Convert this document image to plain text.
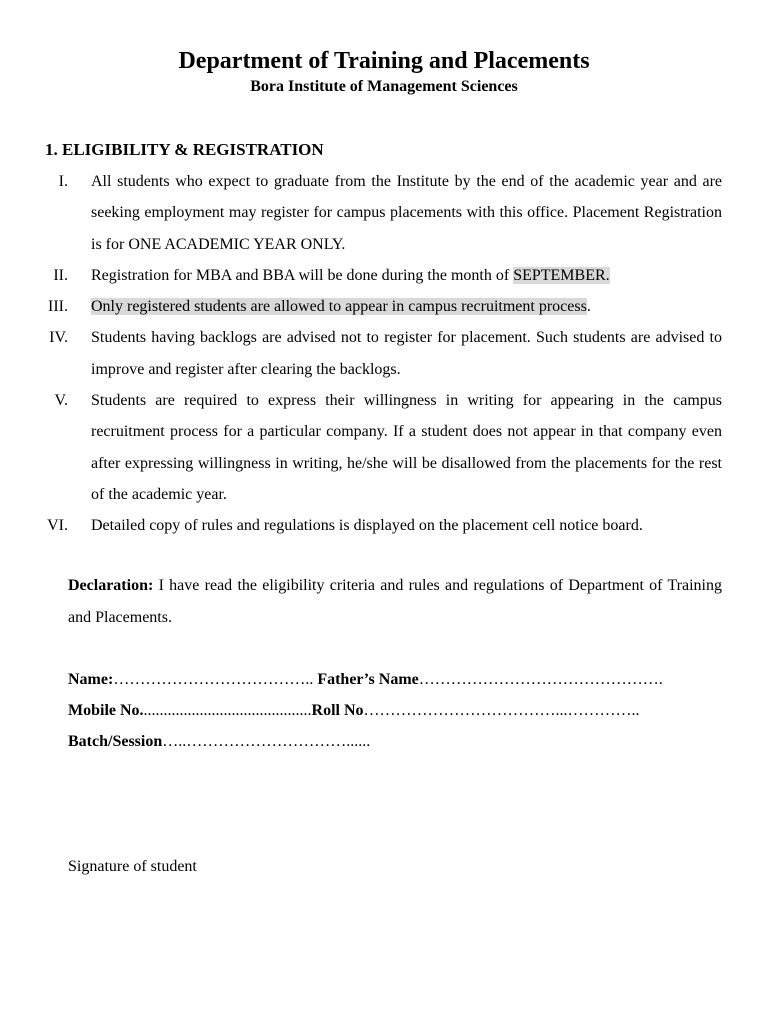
Department of Training and Placements
Bora Institute of Management Sciences
1. ELIGIBILITY & REGISTRATION
I. All students who expect to graduate from the Institute by the end of the academic year and are seeking employment may register for campus placements with this office. Placement Registration is for ONE ACADEMIC YEAR ONLY.
II. Registration for MBA and BBA will be done during the month of SEPTEMBER.
III. Only registered students are allowed to appear in campus recruitment process.
IV. Students having backlogs are advised not to register for placement. Such students are advised to improve and register after clearing the backlogs.
V. Students are required to express their willingness in writing for appearing in the campus recruitment process for a particular company. If a student does not appear in that company even after expressing willingness in writing, he/she will be disallowed from the placements for the rest of the academic year.
VI. Detailed copy of rules and regulations is displayed on the placement cell notice board.
Declaration: I have read the eligibility criteria and rules and regulations of Department of Training and Placements.
Name:……………………………….. Father’s Name……………………………………….
Mobile No...........................................Roll No………………………………...…………..
Batch/Session…..…………………………......
Signature of student
